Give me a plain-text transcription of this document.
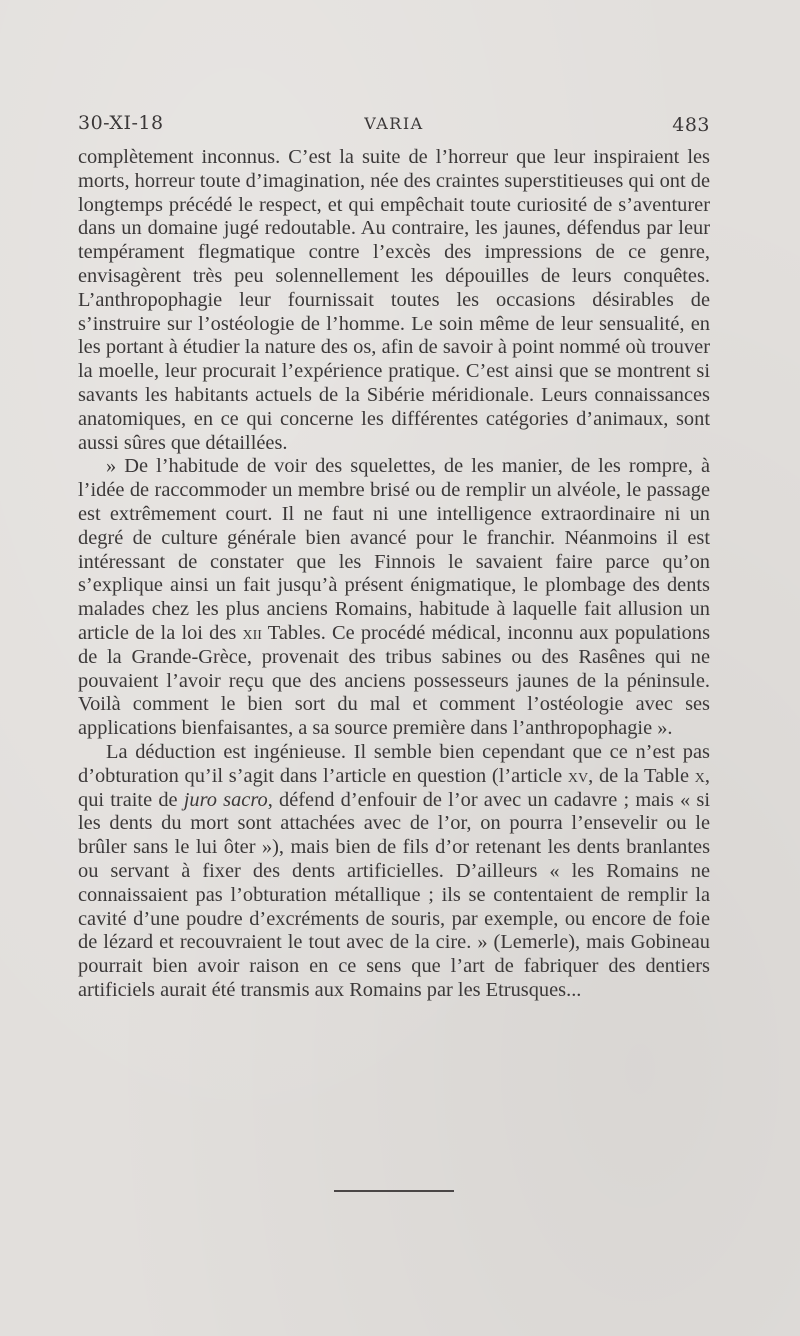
30-XI-18	VARIA	483

complètement inconnus. C’est la suite de l’horreur que leur inspiraient les morts, horreur toute d’imagination, née des craintes superstitieuses qui ont de longtemps précédé le respect, et qui empêchait toute curiosité de s’aventurer dans un domaine jugé redoutable. Au contraire, les jaunes, défendus par leur tempérament flegmatique contre l’excès des impressions de ce genre, envisagèrent très peu solennellement les dépouilles de leurs conquêtes. L’anthropophagie leur fournissait toutes les occasions désirables de s’instruire sur l’ostéologie de l’homme. Le soin même de leur sensualité, en les portant à étudier la nature des os, afin de savoir à point nommé où trouver la moelle, leur procurait l’expérience pratique. C’est ainsi que se montrent si savants les habitants actuels de la Sibérie méridionale. Leurs connaissances anatomiques, en ce qui concerne les différentes catégories d’animaux, sont aussi sûres que détaillées.

» De l’habitude de voir des squelettes, de les manier, de les rompre, à l’idée de raccommoder un membre brisé ou de remplir un alvéole, le passage est extrêmement court. Il ne faut ni une intelligence extraordinaire ni un degré de culture générale bien avancé pour le franchir. Néanmoins il est intéressant de constater que les Finnois le savaient faire parce qu’on s’explique ainsi un fait jusqu’à présent énigmatique, le plombage des dents malades chez les plus anciens Romains, habitude à laquelle fait allusion un article de la loi des xii Tables. Ce procédé médical, inconnu aux populations de la Grande-Grèce, provenait des tribus sabines ou des Rasênes qui ne pouvaient l’avoir reçu que des anciens possesseurs jaunes de la péninsule. Voilà comment le bien sort du mal et comment l’ostéologie avec ses applications bienfaisantes, a sa source première dans l’anthropophagie ».

La déduction est ingénieuse. Il semble bien cependant que ce n’est pas d’obturation qu’il s’agit dans l’article en question (l’article xv, de la Table x, qui traite de juro sacro, défend d’enfouir de l’or avec un cadavre ; mais « si les dents du mort sont attachées avec de l’or, on pourra l’ensevelir ou le brûler sans le lui ôter »), mais bien de fils d’or retenant les dents branlantes ou servant à fixer des dents artificielles. D’ailleurs « les Romains ne connaissaient pas l’obturation métallique ; ils se contentaient de remplir la cavité d’une poudre d’excréments de souris, par exemple, ou encore de foie de lézard et recouvraient le tout avec de la cire. » (Lemerle), mais Gobineau pourrait bien avoir raison en ce sens que l’art de fabriquer des dentiers artificiels aurait été transmis aux Romains par les Etrusques...
